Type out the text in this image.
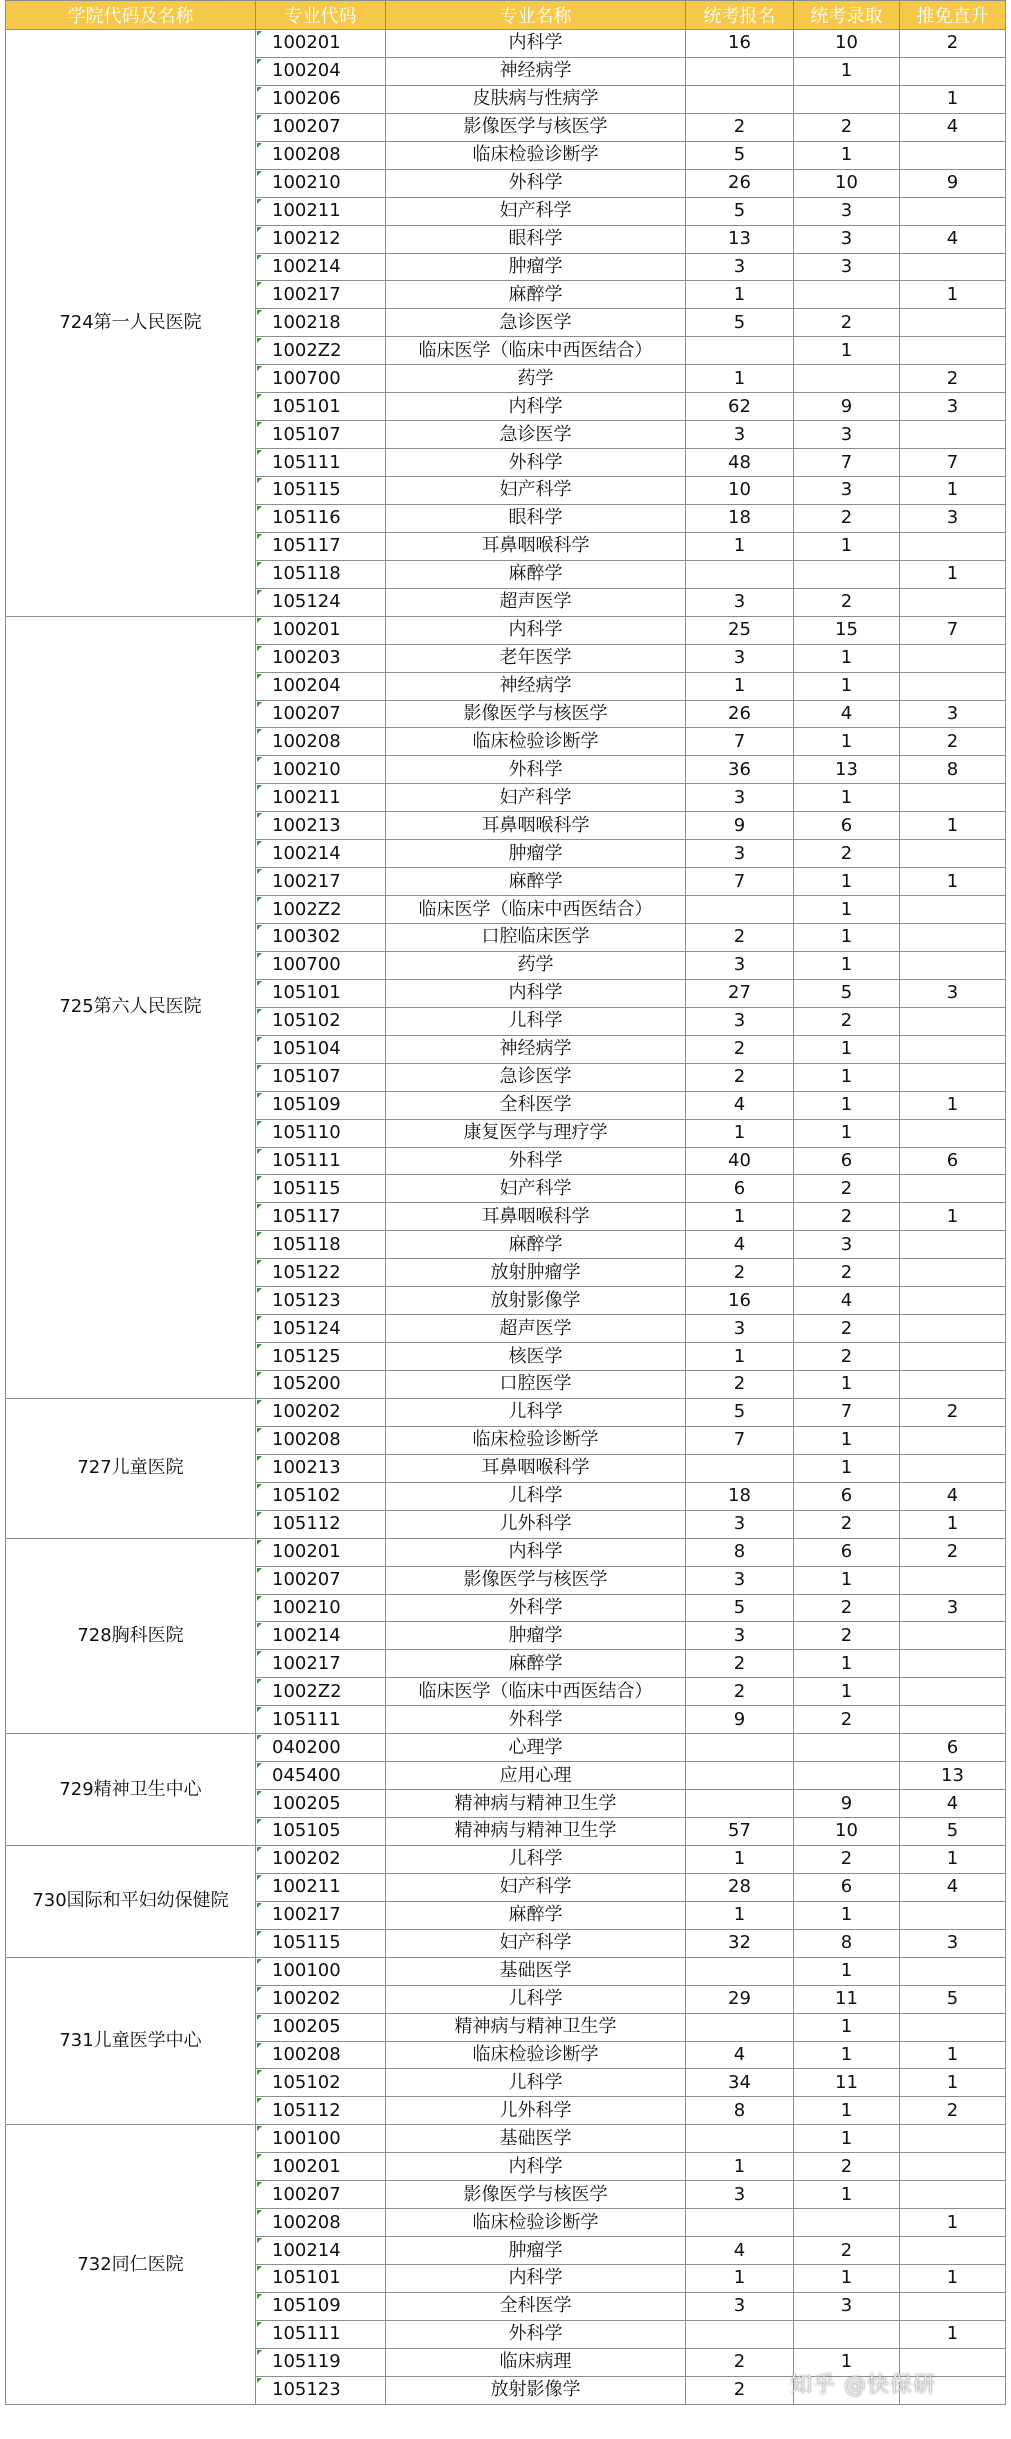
学院代码及名称	专业代码	专业名称	统考报名	统考录取	推免直升
724第一人民医院	100201	内科学	16	10	2
	100204	神经病学		1	
	100206	皮肤病与性病学			1
	100207	影像医学与核医学	2	2	4
	100208	临床检验诊断学	5	1	
	100210	外科学	26	10	9
	100211	妇产科学	5	3	
	100212	眼科学	13	3	4
	100214	肿瘤学	3	3	
	100217	麻醉学	1		1
	100218	急诊医学	5	2	
	1002Z2	临床医学（临床中西医结合）		1	
	100700	药学	1		2
	105101	内科学	62	9	3
	105107	急诊医学	3	3	
	105111	外科学	48	7	7
	105115	妇产科学	10	3	1
	105116	眼科学	18	2	3
	105117	耳鼻咽喉科学	1	1	
	105118	麻醉学			1
	105124	超声医学	3	2	
725第六人民医院	100201	内科学	25	15	7
	100203	老年医学	3	1	
	100204	神经病学	1	1	
	100207	影像医学与核医学	26	4	3
	100208	临床检验诊断学	7	1	2
	100210	外科学	36	13	8
	100211	妇产科学	3	1	
	100213	耳鼻咽喉科学	9	6	1
	100214	肿瘤学	3	2	
	100217	麻醉学	7	1	1
	1002Z2	临床医学（临床中西医结合）		1	
	100302	口腔临床医学	2	1	
	100700	药学	3	1	
	105101	内科学	27	5	3
	105102	儿科学	3	2	
	105104	神经病学	2	1	
	105107	急诊医学	2	1	
	105109	全科医学	4	1	1
	105110	康复医学与理疗学	1	1	
	105111	外科学	40	6	6
	105115	妇产科学	6	2	
	105117	耳鼻咽喉科学	1	2	1
	105118	麻醉学	4	3	
	105122	放射肿瘤学	2	2	
	105123	放射影像学	16	4	
	105124	超声医学	3	2	
	105125	核医学	1	2	
	105200	口腔医学	2	1	
727儿童医院	100202	儿科学	5	7	2
	100208	临床检验诊断学	7	1	
	100213	耳鼻咽喉科学		1	
	105102	儿科学	18	6	4
	105112	儿外科学	3	2	1
728胸科医院	100201	内科学	8	6	2
	100207	影像医学与核医学	3	1	
	100210	外科学	5	2	3
	100214	肿瘤学	3	2	
	100217	麻醉学	2	1	
	1002Z2	临床医学（临床中西医结合）	2	1	
	105111	外科学	9	2	
729精神卫生中心	040200	心理学			6
	045400	应用心理			13
	100205	精神病与精神卫生学		9	4
	105105	精神病与精神卫生学	57	10	5
730国际和平妇幼保健院	100202	儿科学	1	2	1
	100211	妇产科学	28	6	4
	100217	麻醉学	1	1	
	105115	妇产科学	32	8	3
731儿童医学中心	100100	基础医学		1	
	100202	儿科学	29	11	5
	100205	精神病与精神卫生学		1	
	100208	临床检验诊断学	4	1	1
	105102	儿科学	34	11	1
	105112	儿外科学	8	1	2
732同仁医院	100100	基础医学		1	
	100201	内科学	1	2	
	100207	影像医学与核医学	3	1	
	100208	临床检验诊断学			1
	100214	肿瘤学	4	2	
	105101	内科学	1	1	1
	105109	全科医学	3	3	
	105111	外科学			1
	105119	临床病理	2	1	
	105123	放射影像学	2		知乎 @快保研
